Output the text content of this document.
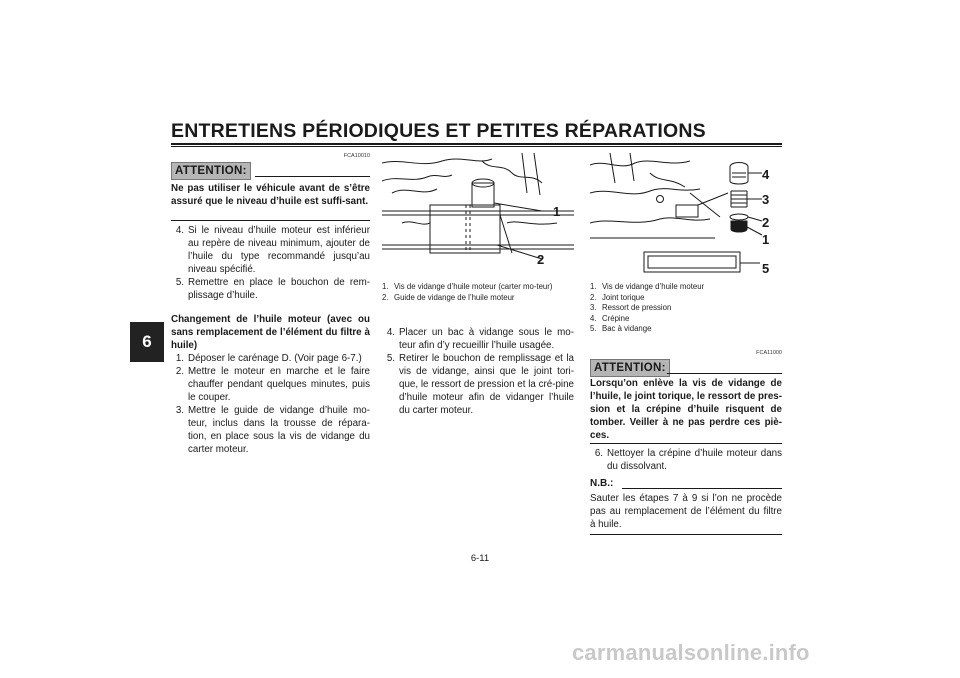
ENTRETIENS PÉRIODIQUES ET PETITES RÉPARATIONS
6
FCA10010
ATTENTION:
Ne pas utiliser le véhicule avant de s’être assuré que le niveau d’huile est suffi-sant.
4. Si le niveau d’huile moteur est inférieur au repère de niveau minimum, ajouter de l’huile du type recommandé jusqu’au niveau spécifié.
5. Remettre en place le bouchon de rem-plissage d’huile.
Changement de l’huile moteur (avec ou sans remplacement de l’élément du filtre à huile)
1. Déposer le carénage D. (Voir page 6-7.)
2. Mettre le moteur en marche et le faire chauffer pendant quelques minutes, puis le couper.
3. Mettre le guide de vidange d’huile mo-teur, inclus dans la trousse de répara-tion, en place sous la vis de vidange du carter moteur.
1
2
1. Vis de vidange d’huile moteur (carter mo-teur)
2. Guide de vidange de l’huile moteur
4. Placer un bac à vidange sous le mo-teur afin d’y recueillir l’huile usagée.
5. Retirer le bouchon de remplissage et la vis de vidange, ainsi que le joint tori-que, le ressort de pression et la cré-pine d’huile moteur afin de vidanger l’huile du carter moteur.
4
3
2
1
5
1. Vis de vidange d’huile moteur
2. Joint torique
3. Ressort de pression
4. Crépine
5. Bac à vidange
FCA11000
ATTENTION:
Lorsqu’on enlève la vis de vidange de l’huile, le joint torique, le ressort de pres-sion et la crépine d’huile risquent de tomber. Veiller à ne pas perdre ces piè-ces.
6. Nettoyer la crépine d’huile moteur dans du dissolvant.
N.B.:
Sauter les étapes 7 à 9 si l’on ne procède pas au remplacement de l’élément du filtre à huile.
6-11
carmanualsonline.info
